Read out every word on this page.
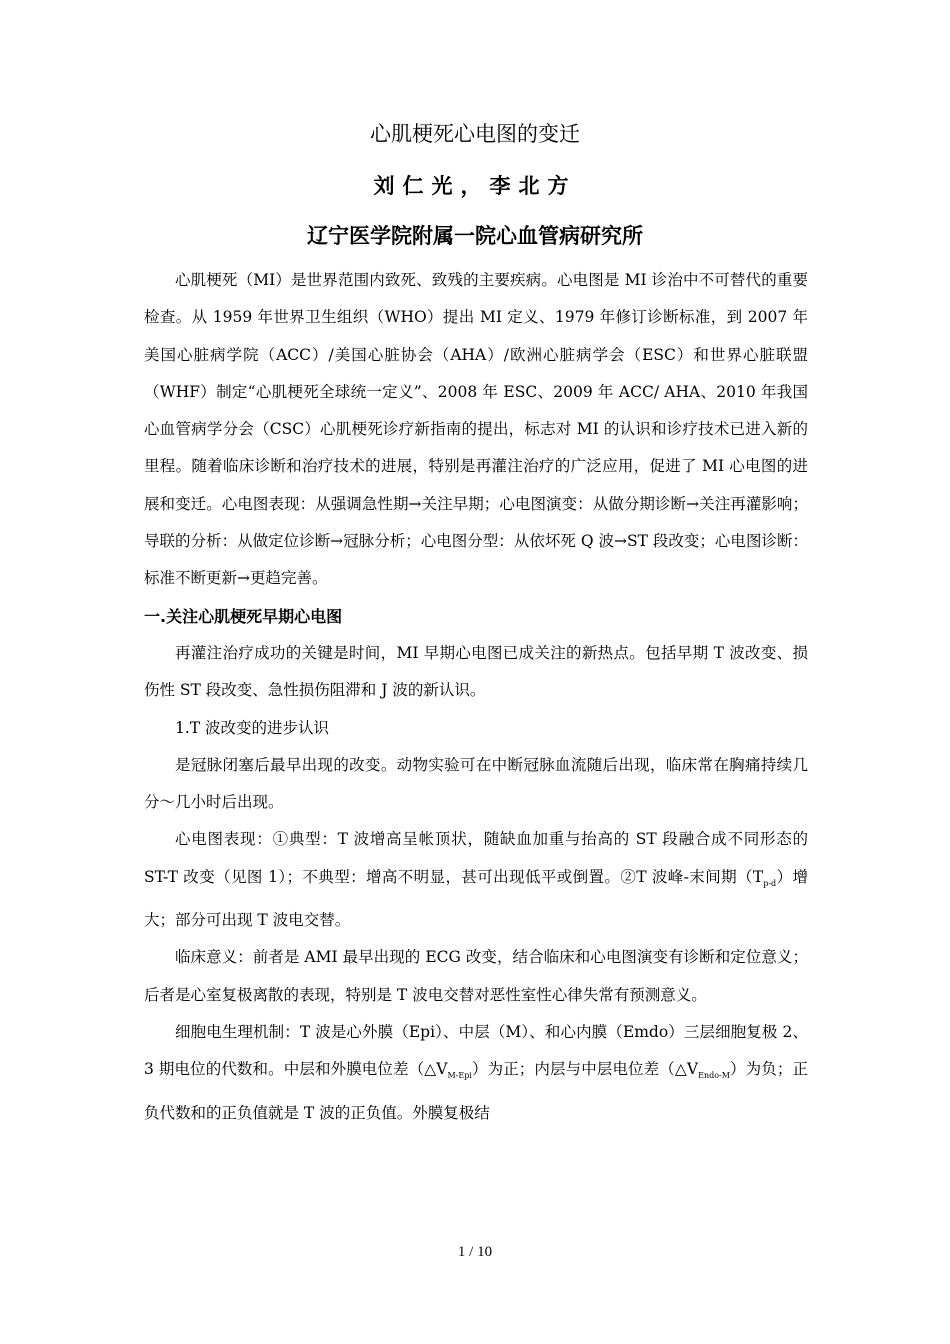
心肌梗死心电图的变迁
刘仁光，李北方
辽宁医学院附属一院心血管病研究所

心肌梗死（MI）是世界范围内致死、致残的主要疾病。心电图是 MI 诊治中不可替代的重要检查。从 1959 年世界卫生组织（WHO）提出 MI 定义、1979 年修订诊断标准，到 2007 年美国心脏病学院（ACC）/美国心脏协会（AHA）/欧洲心脏病学会（ESC）和世界心脏联盟（WHF）制定“心肌梗死全球统一定义”、2008 年 ESC、2009 年 ACC/ AHA、2010 年我国心血管病学分会（CSC）心肌梗死诊疗新指南的提出，标志对 MI 的认识和诊疗技术已进入新的里程。随着临床诊断和治疗技术的进展，特别是再灌注治疗的广泛应用，促进了 MI 心电图的进展和变迁。心电图表现：从强调急性期→关注早期；心电图演变：从做分期诊断→关注再灌影响；导联的分析：从做定位诊断→冠脉分析；心电图分型：从依坏死 Q 波→ST 段改变；心电图诊断：标准不断更新→更趋完善。

一.关注心肌梗死早期心电图

再灌注治疗成功的关键是时间，MI 早期心电图已成关注的新热点。包括早期 T 波改变、损伤性 ST 段改变、急性损伤阻滞和 J 波的新认识。

1.T 波改变的进步认识

是冠脉闭塞后最早出现的改变。动物实验可在中断冠脉血流随后出现，临床常在胸痛持续几分～几小时后出现。

心电图表现：①典型：T 波增高呈帐顶状，随缺血加重与抬高的 ST 段融合成不同形态的 ST-T 改变（见图 1）；不典型：增高不明显，甚可出现低平或倒置。②T 波峰-末间期$(T_{p-d})$增大；部分可出现 T 波电交替。

临床意义：前者是 AMI 最早出现的 ECG 改变，结合临床和心电图演变有诊断和定位意义；后者是心室复极离散的表现，特别是 T 波电交替对恶性室性心律失常有预测意义。

细胞电生理机制：T 波是心外膜（Epi）、中层（M）、和心内膜（Emdo）三层细胞复极 2、3 期电位的代数和。中层和外膜电位差$(\triangle V_{M-Epi})$为正；内层与中层电位差$(\triangle V_{Endo-M})$为负；正负代数和的正负值就是 T 波的正负值。外膜复极结

1 / 10
